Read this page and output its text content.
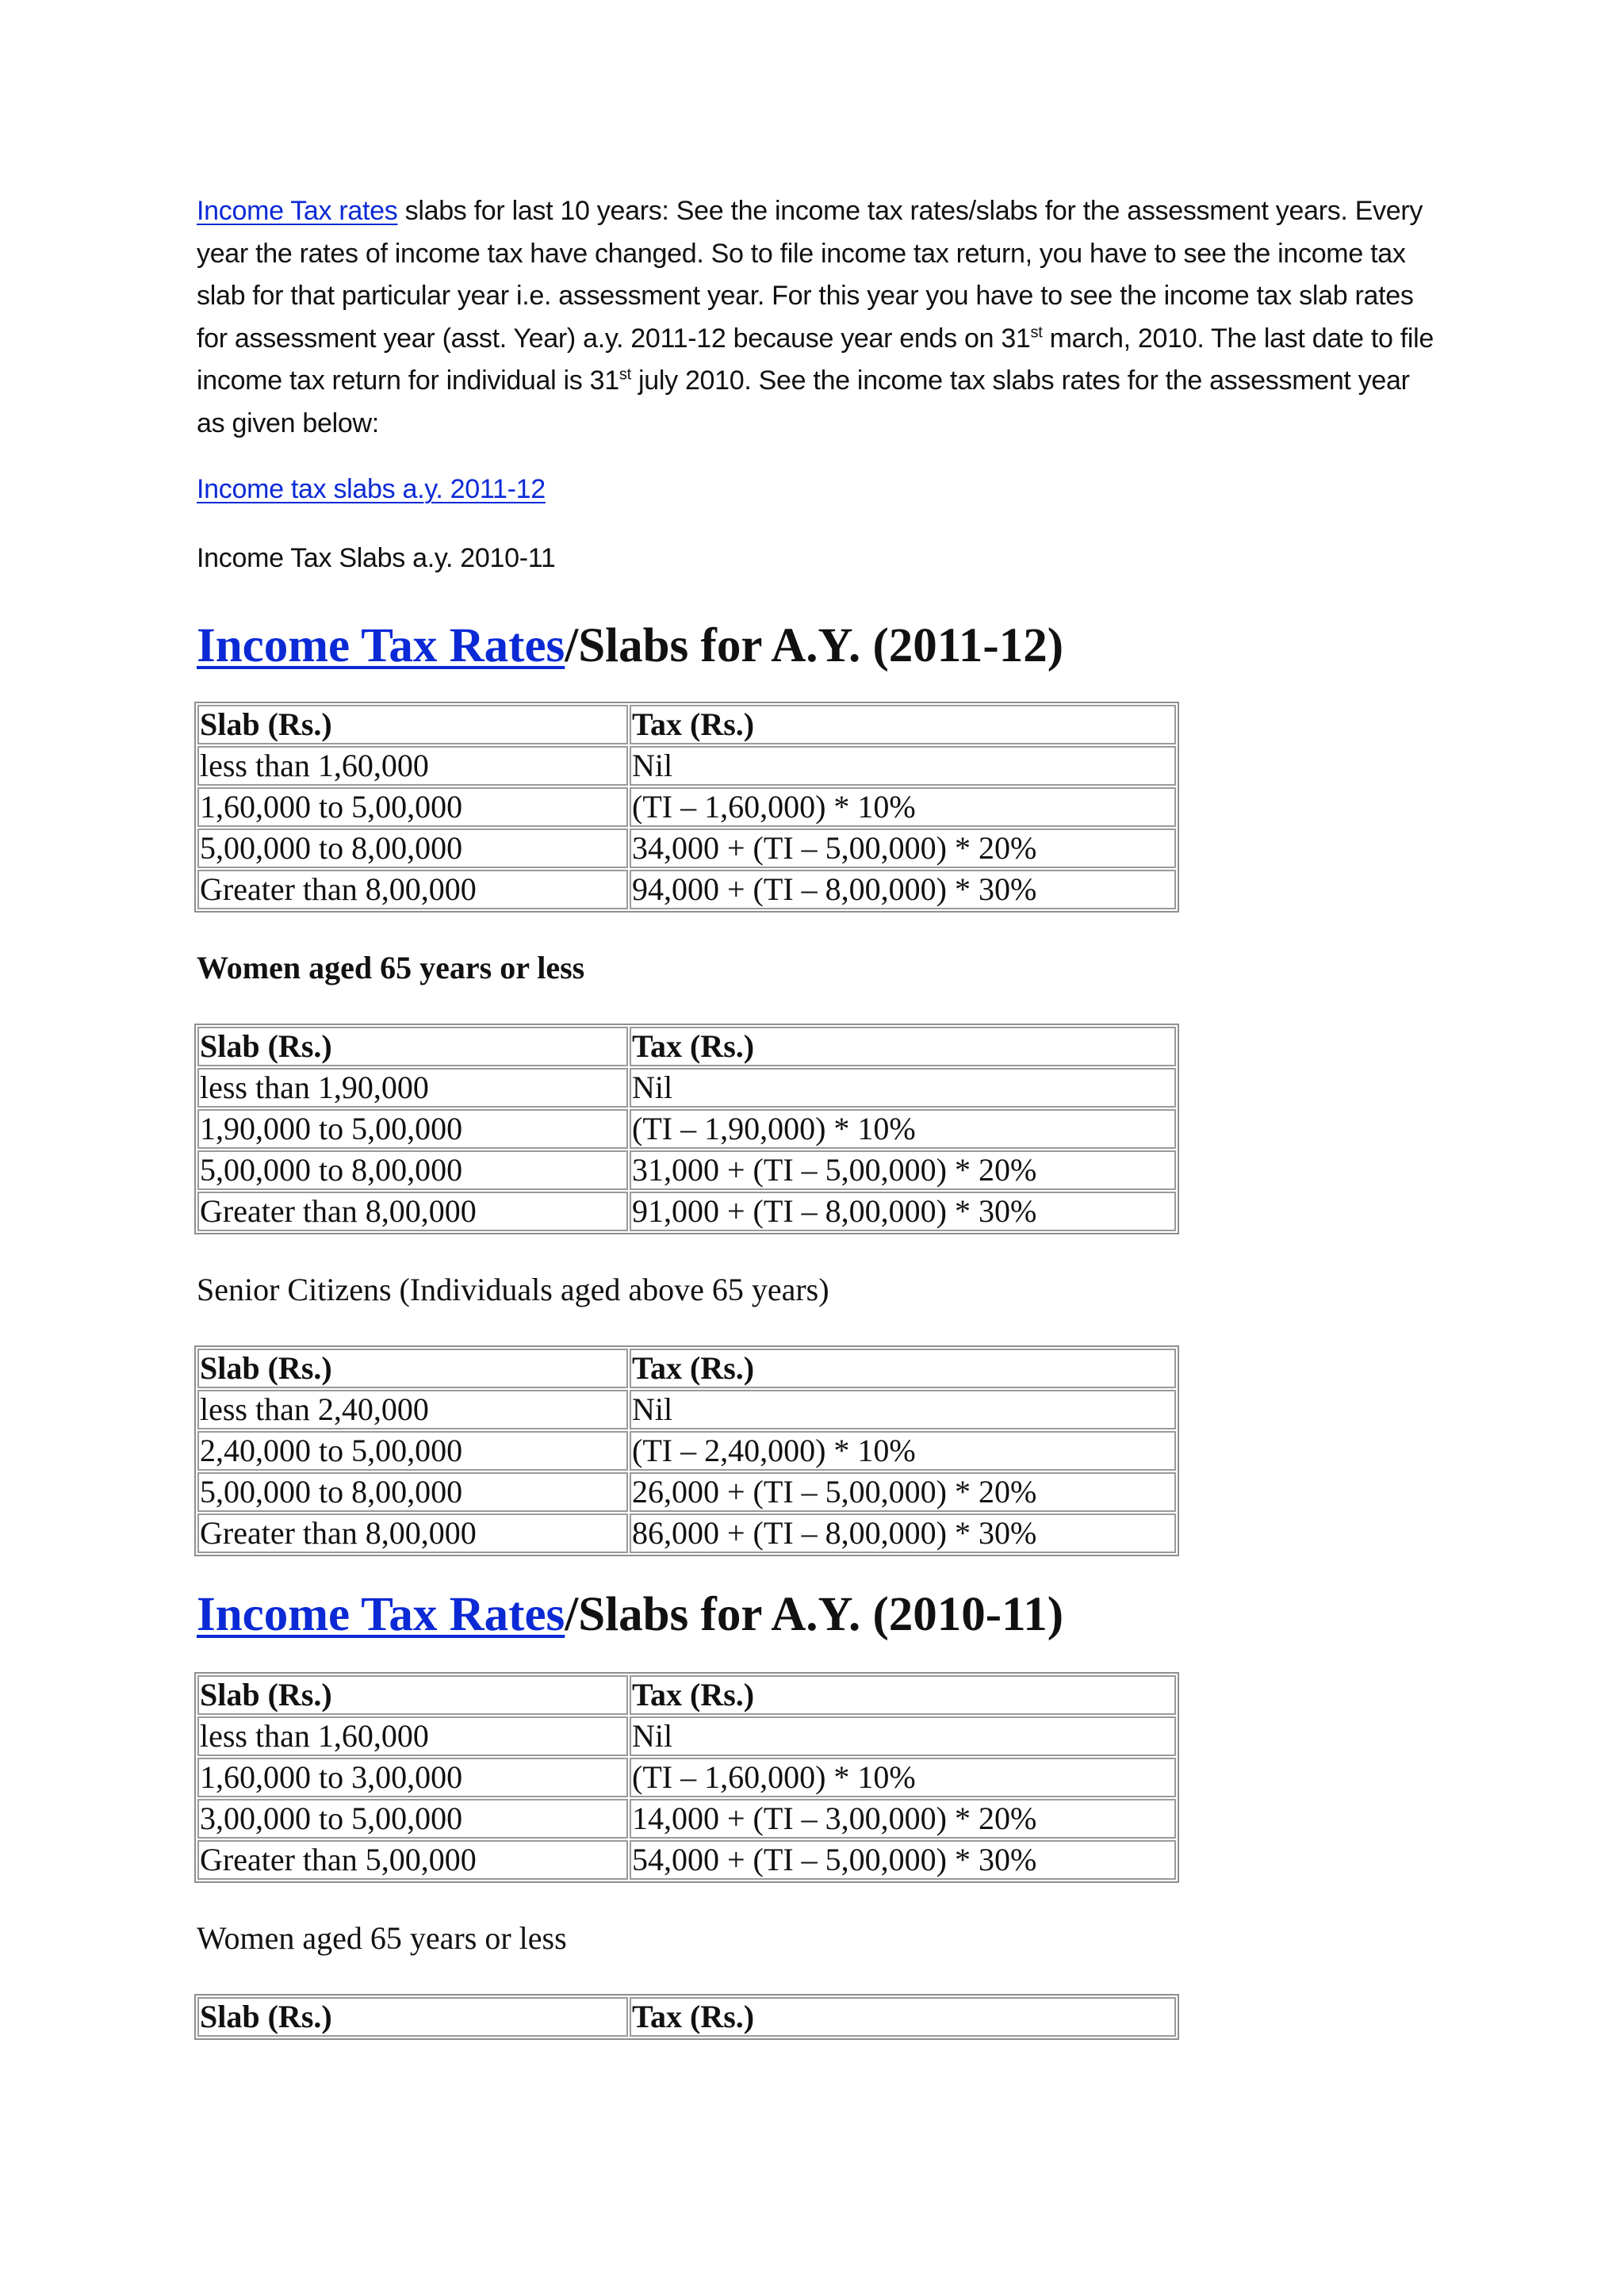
Income Tax rates slabs for last 10 years: See the income tax rates/slabs for the assessment years. Every year the rates of income tax have changed. So to file income tax return, you have to see the income tax slab for that particular year i.e. assessment year. For this year you have to see the income tax slab rates for assessment year (asst. Year) a.y. 2011-12 because year ends on 31st march, 2010. The last date to file income tax return for individual is 31st july 2010. See the income tax slabs rates for the assessment year as given below:

Income tax slabs a.y. 2011-12

Income Tax Slabs a.y. 2010-11

Income Tax Rates/Slabs for A.Y. (2011-12)
Slab (Rs.)	Tax (Rs.)
less than 1,60,000	Nil
1,60,000 to 5,00,000	(TI – 1,60,000) * 10%
5,00,000 to 8,00,000	34,000 + (TI – 5,00,000) * 20%
Greater than 8,00,000	94,000 + (TI – 8,00,000) * 30%

Women aged 65 years or less

Slab (Rs.)	Tax (Rs.)
less than 1,90,000	Nil
1,90,000 to 5,00,000	(TI – 1,90,000) * 10%
5,00,000 to 8,00,000	31,000 + (TI – 5,00,000) * 20%
Greater than 8,00,000	91,000 + (TI – 8,00,000) * 30%

Senior Citizens (Individuals aged above 65 years)

Slab (Rs.)	Tax (Rs.)
less than 2,40,000	Nil
2,40,000 to 5,00,000	(TI – 2,40,000) * 10%
5,00,000 to 8,00,000	26,000 + (TI – 5,00,000) * 20%
Greater than 8,00,000	86,000 + (TI – 8,00,000) * 30%
Income Tax Rates/Slabs for A.Y. (2010-11)
Slab (Rs.)	Tax (Rs.)
less than 1,60,000	Nil
1,60,000 to 3,00,000	(TI – 1,60,000) * 10%
3,00,000 to 5,00,000	14,000 + (TI – 3,00,000) * 20%
Greater than 5,00,000	54,000 + (TI – 5,00,000) * 30%

Women aged 65 years or less

Slab (Rs.)	Tax (Rs.)
